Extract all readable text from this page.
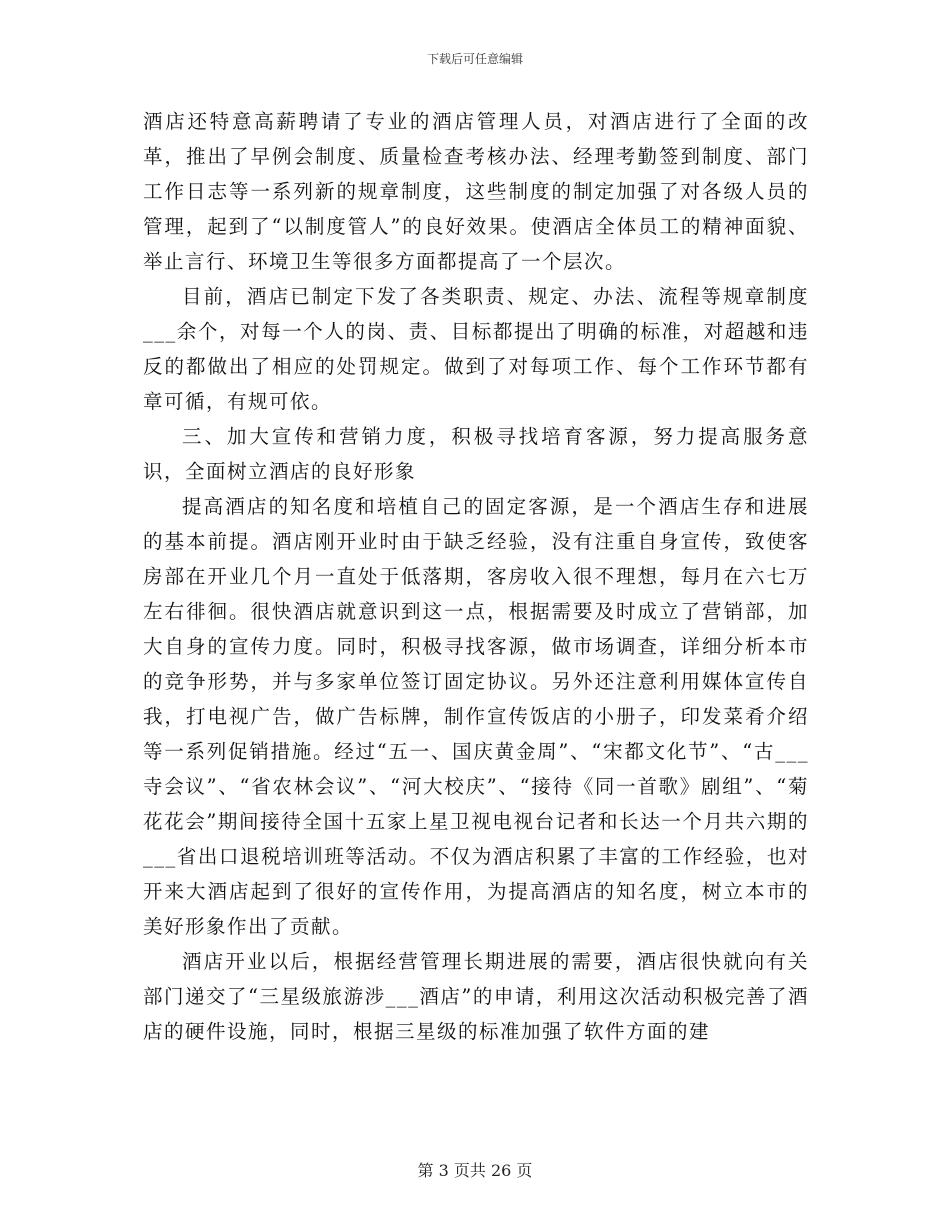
下载后可任意编辑

酒店还特意高薪聘请了专业的酒店管理人员，对酒店进行了全面的改革，推出了早例会制度、质量检查考核办法、经理考勤签到制度、部门工作日志等一系列新的规章制度，这些制度的制定加强了对各级人员的管理，起到了“以制度管人”的良好效果。使酒店全体员工的精神面貌、举止言行、环境卫生等很多方面都提高了一个层次。

目前，酒店已制定下发了各类职责、规定、办法、流程等规章制度___余个，对每一个人的岗、责、目标都提出了明确的标准，对超越和违反的都做出了相应的处罚规定。做到了对每项工作、每个工作环节都有章可循，有规可依。

三、加大宣传和营销力度，积极寻找培育客源，努力提高服务意识，全面树立酒店的良好形象

提高酒店的知名度和培植自己的固定客源，是一个酒店生存和进展的基本前提。酒店刚开业时由于缺乏经验，没有注重自身宣传，致使客房部在开业几个月一直处于低落期，客房收入很不理想，每月在六七万左右徘徊。很快酒店就意识到这一点，根据需要及时成立了营销部，加大自身的宣传力度。同时，积极寻找客源，做市场调查，详细分析本市的竞争形势，并与多家单位签订固定协议。另外还注意利用媒体宣传自我，打电视广告，做广告标牌，制作宣传饭店的小册子，印发菜肴介绍等一系列促销措施。经过“五一、国庆黄金周”、“宋都文化节”、“古___寺会议”、“省农林会议”、“河大校庆”、“接待《同一首歌》剧组”、“菊花花会”期间接待全国十五家上星卫视电视台记者和长达一个月共六期的___省出口退税培训班等活动。不仅为酒店积累了丰富的工作经验，也对开来大酒店起到了很好的宣传作用，为提高酒店的知名度，树立本市的美好形象作出了贡献。

酒店开业以后，根据经营管理长期进展的需要，酒店很快就向有关部门递交了“三星级旅游涉___酒店”的申请，利用这次活动积极完善了酒店的硬件设施，同时，根据三星级的标准加强了软件方面的建

第 3 页共 26 页
